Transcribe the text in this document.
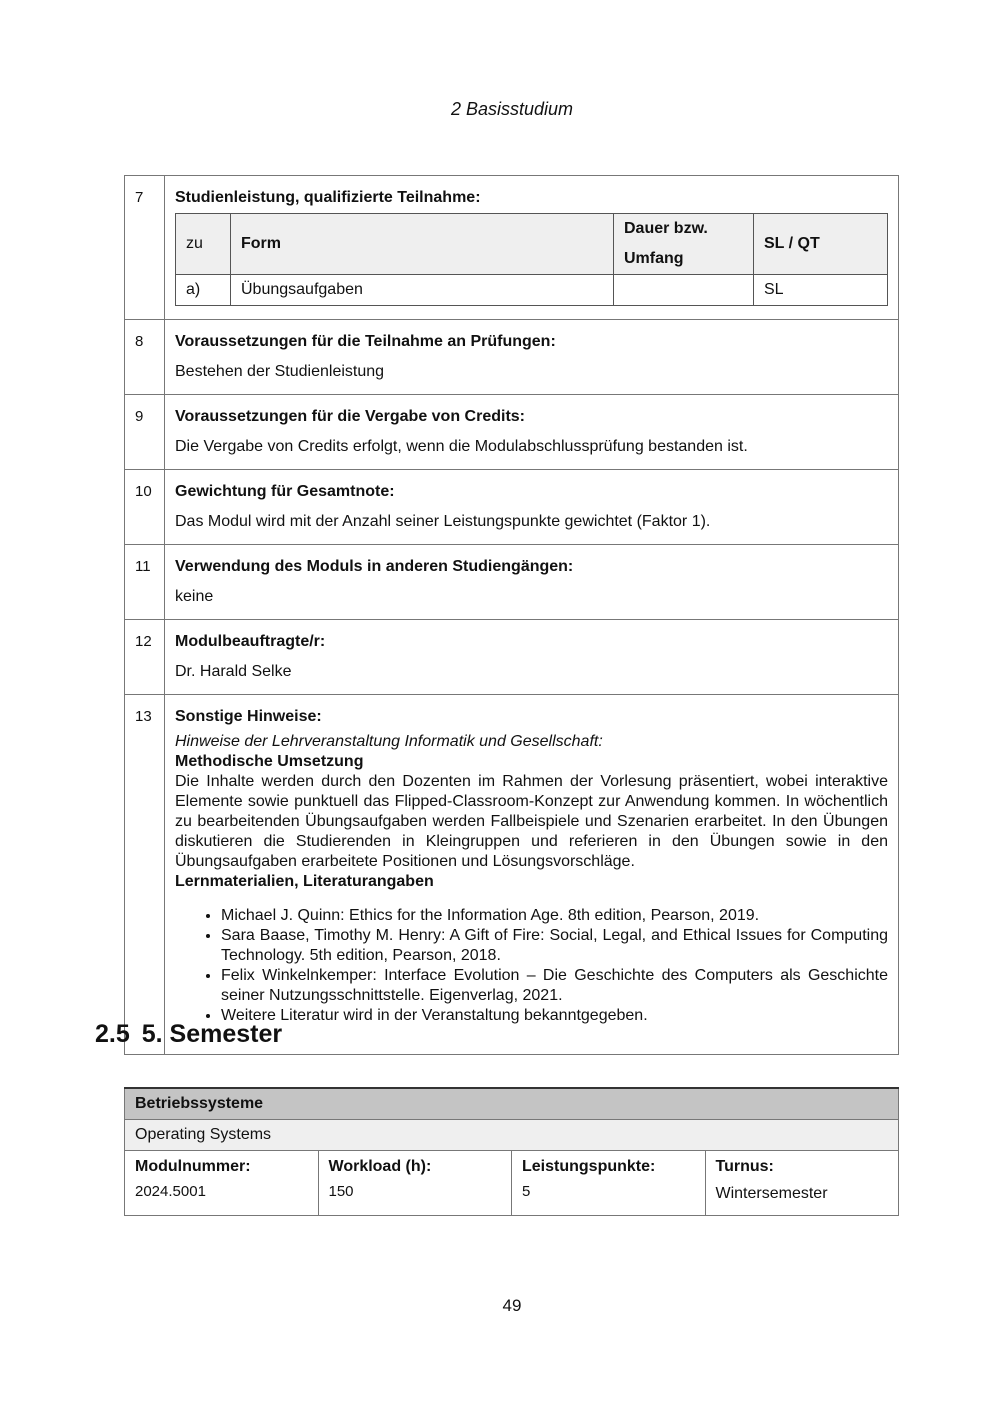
2 Basisstudium
7	Studienleistung, qualifizierte Teilnahme:
zu	Form	Dauer bzw. Umfang	SL / QT
a)	Übungsaufgaben		SL

8	Voraussetzungen für die Teilnahme an Prüfungen:
Bestehen der Studienleistung

9	Voraussetzungen für die Vergabe von Credits:
Die Vergabe von Credits erfolgt, wenn die Modulabschlussprüfung bestanden ist.

10	Gewichtung für Gesamtnote:
Das Modul wird mit der Anzahl seiner Leistungspunkte gewichtet (Faktor 1).

11	Verwendung des Moduls in anderen Studiengängen:
keine

12	Modulbeauftragte/r:
Dr. Harald Selke

13	Sonstige Hinweise:
Hinweise der Lehrveranstaltung Informatik und Gesellschaft:
Methodische Umsetzung
Die Inhalte werden durch den Dozenten im Rahmen der Vorlesung präsentiert, wobei interaktive Elemente sowie punktuell das Flipped-Classroom-Konzept zur Anwendung kommen. In wöchentlich zu bearbeitenden Übungsaufgaben werden Fallbeispiele und Szenarien erarbeitet. In den Übungen diskutieren die Studierenden in Kleingruppen und referieren in den Übungen sowie in den Übungsaufgaben erarbeitete Positionen und Lösungsvorschläge.
Lernmaterialien, Literaturangaben
• Michael J. Quinn: Ethics for the Information Age. 8th edition, Pearson, 2019.
• Sara Baase, Timothy M. Henry: A Gift of Fire: Social, Legal, and Ethical Issues for Computing Technology. 5th edition, Pearson, 2018.
• Felix Winkelnkemper: Interface Evolution – Die Geschichte des Computers als Geschichte seiner Nutzungsschnittstelle. Eigenverlag, 2021.
• Weitere Literatur wird in der Veranstaltung bekanntgegeben.
2.5 5. Semester
Betriebssysteme			
Operating Systems			
Modulnummer:	Workload (h):	Leistungspunkte:	Turnus:
2024.5001	150	5	Wintersemester
49
